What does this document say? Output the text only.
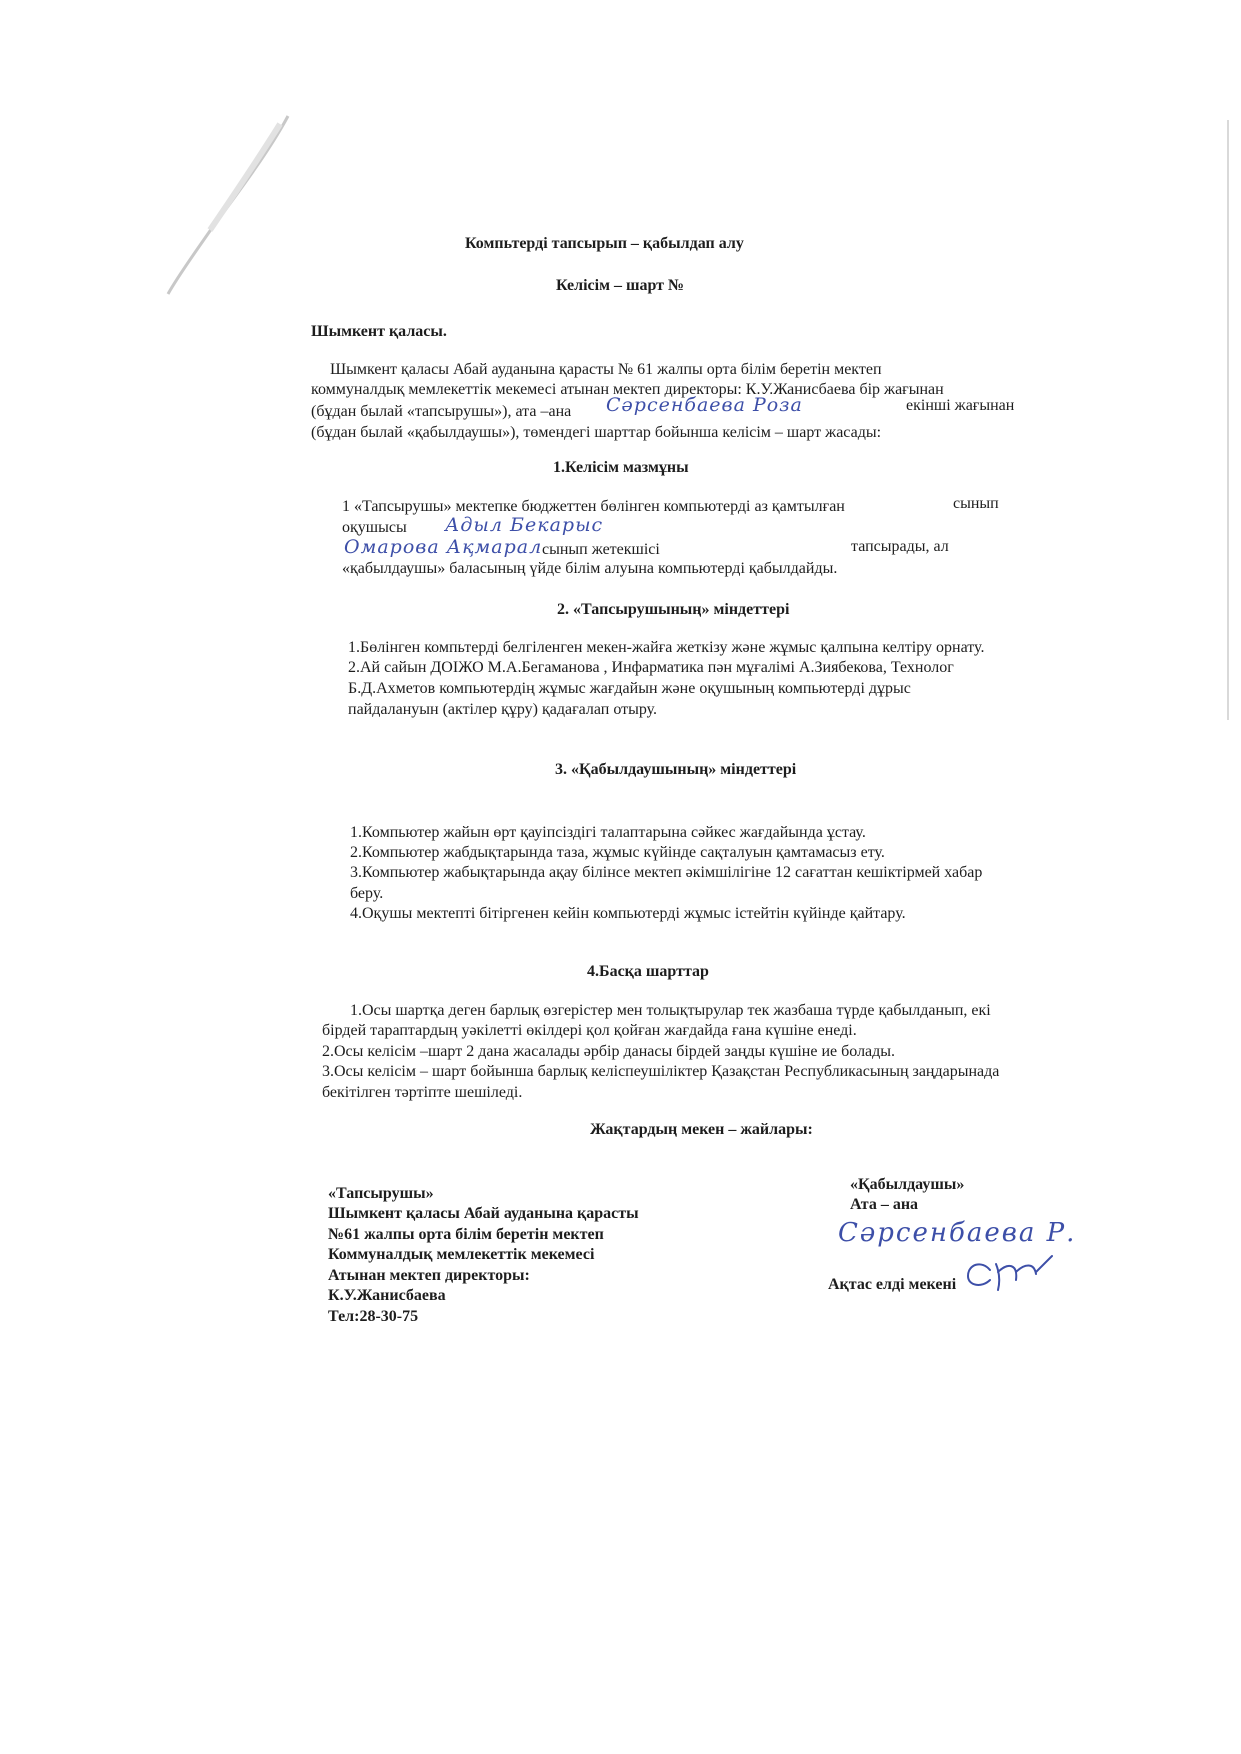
Компьтерді тапсырып – қабылдап алу
Келісім – шарт №
Шымкент қаласы.
Шымкент қаласы Абай ауданына қарасты № 61 жалпы орта білім беретін мектеп
коммуналдық мемлекеттік мекемесі атынан мектеп директоры: К.У.Жанисбаева бір жағынан
(бұдан былай «тапсырушы»), ата –ана Сәрсенбаева Роза	екінші жағынан
(бұдан былай «қабылдаушы»), төмендегі шарттар бойынша келісім – шарт жасады:
1.Келісім мазмұны
1 «Тапсырушы» мектепке бюджеттен бөлінген компьютерді аз қамтылған	сынып
оқушысы Адыл Бекарыс
Омарова Ақмарал сынып жетекшісі	тапсырады, ал
«қабылдаушы» баласының үйде білім алуына компьютерді қабылдайды.
2. «Тапсырушының» міндеттері
1.Бөлінген компьтерді белгіленген мекен-жайға жеткізу және жұмыс қалпына келтіру орнату.
2.Ай сайын ДОІЖО М.А.Бегаманова , Инфарматика пән мұғалімі А.Зиябекова, Технолог
Б.Д.Ахметов компьютердің жұмыс жағдайын және оқушының компьютерді дұрыс
пайдалануын (актілер құру) қадағалап отыру.
3. «Қабылдаушының» міндеттері
1.Компьютер жайын өрт қауіпсіздігі талаптарына сәйкес жағдайында ұстау.
2.Компьютер жабдықтарында таза, жұмыс күйінде сақталуын қамтамасыз ету.
3.Компьютер жабықтарында ақау білінсе мектеп әкімшілігіне 12 сағаттан кешіктірмей хабар
беру.
4.Оқушы мектепті бітіргенен кейін компьютерді жұмыс істейтін күйінде қайтару.
4.Басқа шарттар
1.Осы шартқа деген барлық өзгерістер мен толықтырулар тек жазбаша түрде қабылданып, екі
бірдей тараптардың уәкілетті өкілдері қол қойған жағдайда ғана күшіне енеді.
2.Осы келісім –шарт 2 дана жасалады әрбір данасы бірдей заңды күшіне ие болады.
3.Осы келісім – шарт бойынша барлық келіспеушіліктер Қазақстан Республикасының заңдарынада
бекітілген тәртіпте шешіледі.
Жақтардың мекен – жайлары:
«Тапсырушы»
Шымкент қаласы Абай ауданына қарасты
№61 жалпы орта білім беретін мектеп
Коммуналдық мемлекеттік мекемесі
Атынан мектеп директоры:
К.У.Жанисбаева
Тел:28-30-75
«Қабылдаушы»
Ата – ана
Сәрсенбаева Р.
Ақтас елді мекені
